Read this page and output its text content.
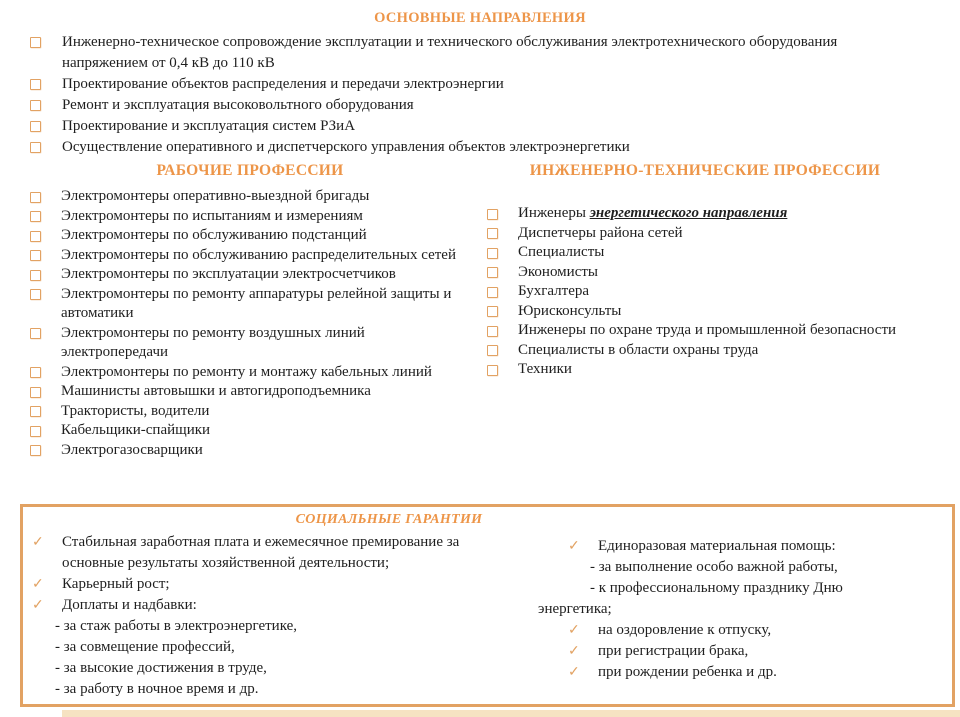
ОСНОВНЫЕ НАПРАВЛЕНИЯ
Инженерно-техническое сопровождение эксплуатации и технического обслуживания электротехнического оборудования напряжением от 0,4 кВ до 110 кВ
Проектирование объектов распределения и передачи электроэнергии
Ремонт и эксплуатация высоковольтного оборудования
Проектирование и эксплуатация систем РЗиА
Осуществление оперативного и диспетчерского управления объектов электроэнергетики
РАБОЧИЕ ПРОФЕССИИ
Электромонтеры оперативно-выездной бригады
Электромонтеры по испытаниям и измерениям
Электромонтеры по обслуживанию подстанций
Электромонтеры по обслуживанию распределительных сетей
Электромонтеры по эксплуатации электросчетчиков
Электромонтеры по ремонту аппаратуры релейной защиты и автоматики
Электромонтеры по ремонту воздушных линий электропередачи
Электромонтеры по ремонту и монтажу кабельных линий
Машинисты автовышки и автогидроподъемника
Трактористы, водители
Кабельщики-спайщики
Электрогазосварщики
ИНЖЕНЕРНО-ТЕХНИЧЕСКИЕ ПРОФЕССИИ
Инженеры энергетического направления
Диспетчеры района сетей
Специалисты
Экономисты
Бухгалтера
Юрисконсульты
Инженеры по охране труда и промышленной безопасности
Специалисты в области охраны труда
Техники
СОЦИАЛЬНЫЕ ГАРАНТИИ
✓
Стабильная заработная плата и ежемесячное премирование за основные результаты хозяйственной деятельности;
✓
Карьерный рост;
✓
Доплаты и надбавки:
- за стаж работы в электроэнергетике,
- за совмещение профессий,
- за высокие достижения в труде,
- за работу в ночное время и др.
✓
Единоразовая материальная помощь:
- за выполнение особо важной работы,
- к профессиональному празднику Дню
энергетика;
✓
на оздоровление к отпуску,
✓
при регистрации брака,
✓
при рождении ребенка и др.
